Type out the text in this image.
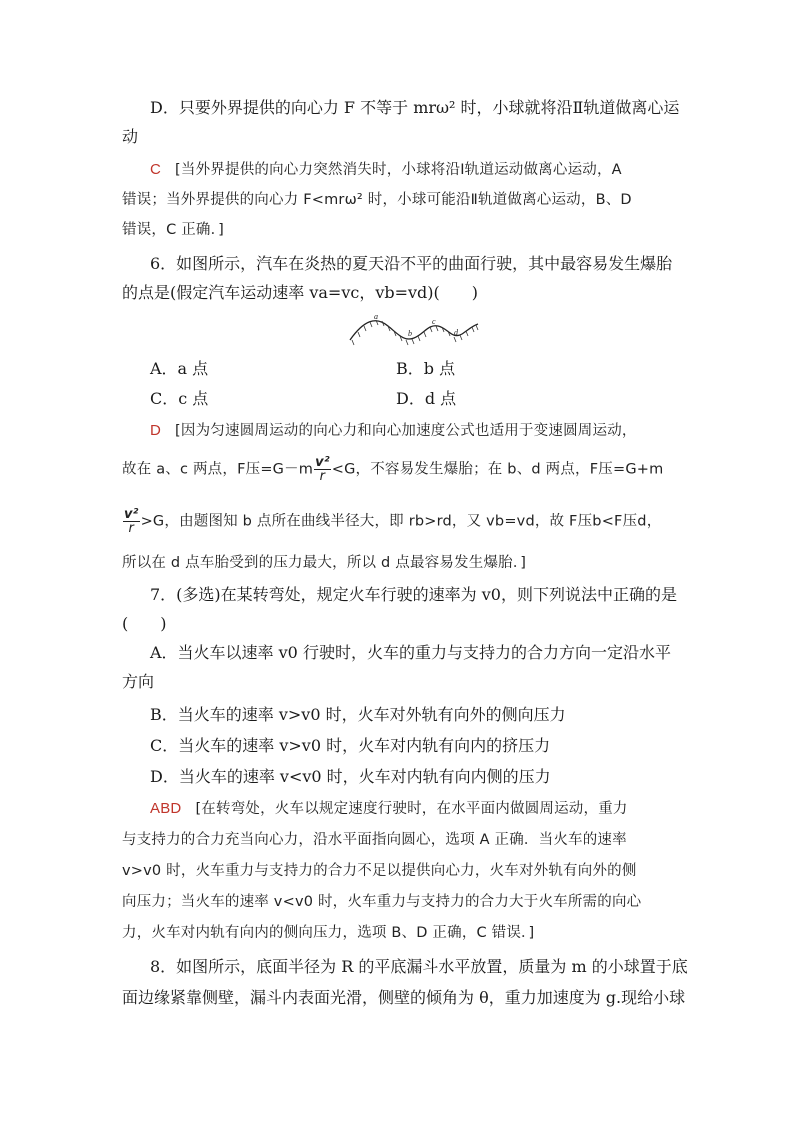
D．只要外界提供的向心力 F 不等于 mrω² 时，小球就将沿Ⅱ轨道做离心运
动
C [当外界提供的向心力突然消失时，小球将沿Ⅰ轨道运动做离心运动，A
错误；当外界提供的向心力 F<mrω² 时，小球可能沿Ⅱ轨道做离心运动，B、D
错误，C 正确．]
6．如图所示，汽车在炎热的夏天沿不平的曲面行驶，其中最容易发生爆胎
的点是(假定汽车运动速率 va=vc，vb=vd)(　　)
a
b
c
d
A．a 点	B．b 点
C．c 点	D．d 点
D [因为匀速圆周运动的向心力和向心加速度公式也适用于变速圆周运动，
故在 a、c 两点，F压$=G-m \frac{\text{v²}}{r} <G$，不容易发生爆胎；在 b、d 两点，F压=G+m
$\frac{\text{v²}}{r} >G$，由题图知 b 点所在曲线半径大，即 rb>rd，又 vb=vd，故 F压b<F压d，
所以在 d 点车胎受到的压力最大，所以 d 点最容易发生爆胎．]
7．(多选)在某转弯处，规定火车行驶的速率为 v0，则下列说法中正确的是
(　　)
A．当火车以速率 v0 行驶时，火车的重力与支持力的合力方向一定沿水平
方向
B．当火车的速率 v>v0 时，火车对外轨有向外的侧向压力
C．当火车的速率 v>v0 时，火车对内轨有向内的挤压力
D．当火车的速率 v<v0 时，火车对内轨有向内侧的压力
ABD [在转弯处，火车以规定速度行驶时，在水平面内做圆周运动，重力
与支持力的合力充当向心力，沿水平面指向圆心，选项 A 正确．当火车的速率
v>v0 时，火车重力与支持力的合力不足以提供向心力，火车对外轨有向外的侧
向压力；当火车的速率 v<v0 时，火车重力与支持力的合力大于火车所需的向心
力，火车对内轨有向内的侧向压力，选项 B、D 正确，C 错误．]
8．如图所示，底面半径为 R 的平底漏斗水平放置，质量为 m 的小球置于底
面边缘紧靠侧壁，漏斗内表面光滑，侧壁的倾角为 θ，重力加速度为 g.现给小球
